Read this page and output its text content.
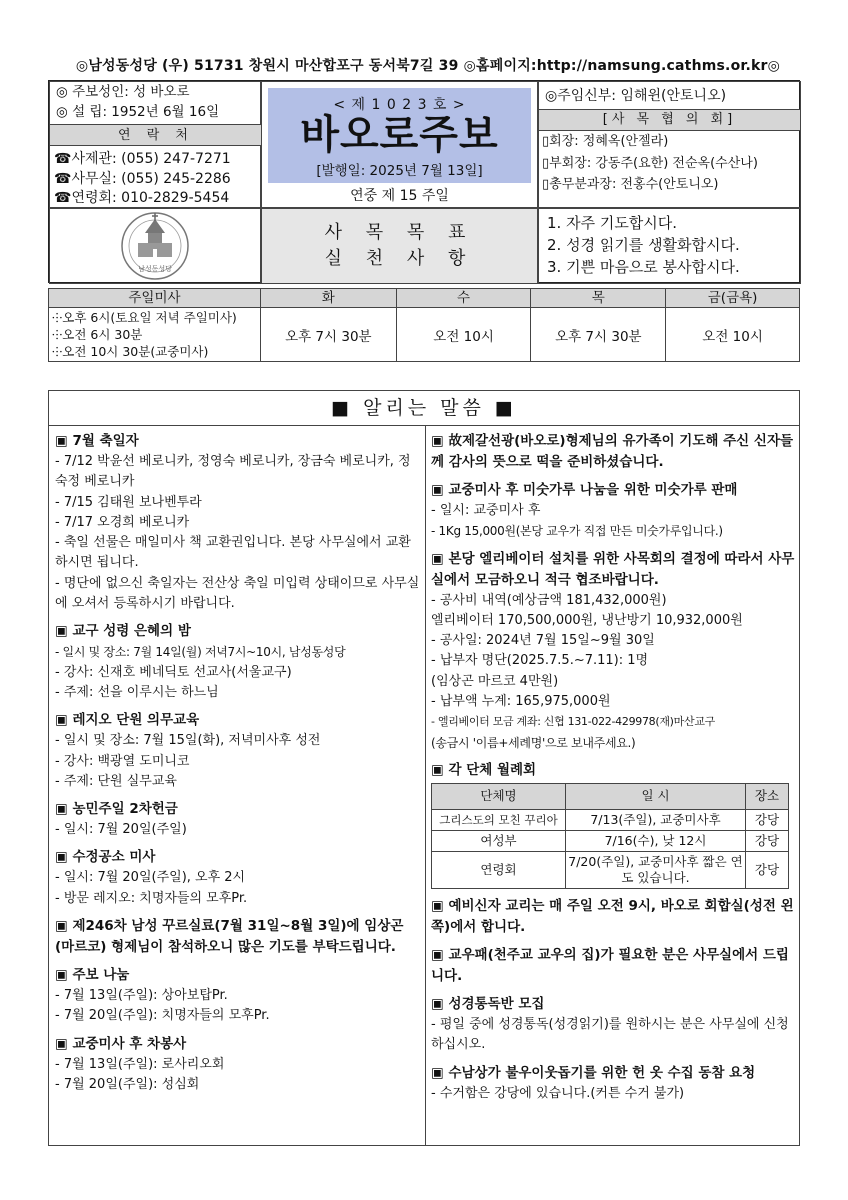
◎남성동성당 (우) 51731 창원시 마산합포구 동서북7길 39 ◎홈페이지:http://namsung.cathms.or.kr◎
◎ 주보성인: 성 바오로
◎ 설 립: 1952년 6월 16일
연 락 처
☎사제관: (055) 247-7271
☎사무실: (055) 245-2286
☎연령회: 010-2829-5454
< 제 1 0 2 3 호 >
바오로주보
[발행일: 2025년 7월 13일]
연중 제 15 주일
◎주임신부: 임해윈(안토니오)
[사 목 협 의 회]
▯회장: 정혜옥(안젤라)
▯부회장: 강동주(요한) 전순옥(수산나)
▯총무분과장: 전홍수(안토니오)
남성동성당
사 목 목 표
실 천 사 항
1. 자주 기도합시다.
2. 성경 읽기를 생활화합시다.
3. 기쁜 마음으로 봉사합시다.
주일미사	화	수	목	금(금욕)

⸭오후 6시(토요일 저녁 주일미사)
⸭오전 6시 30분
⸭오전 10시 30분(교중미사)	오후 7시 30분	오전 10시	오후 7시 30분	오전 10시
■ 알리는 말씀 ■
▣ 7월 축일자

- 7/12 박윤선 베로니카, 정영숙 베로니카, 장금숙 베로니카, 정숙정 베로니카

- 7/15 김태원 보나벤투라

- 7/17 오경희 베로니카

- 축일 선물은 매일미사 책 교환권입니다. 본당 사무실에서 교환하시면 됩니다.

- 명단에 없으신 축일자는 전산상 축일 미입력 상태이므로 사무실에 오셔서 등록하시기 바랍니다.

▣ 교구 성령 은혜의 밤

- 일시 및 장소: 7월 14일(월) 저녁7시~10시, 남성동성당

- 강사: 신재호 베네딕토 선교사(서울교구)

- 주제: 선을 이루시는 하느님

▣ 레지오 단원 의무교육

- 일시 및 장소: 7월 15일(화), 저녁미사후 성전

- 강사: 백광열 도미니코

- 주제: 단원 실무교육

▣ 농민주일 2차헌금

- 일시: 7월 20일(주일)

▣ 수정공소 미사

- 일시: 7월 20일(주일), 오후 2시

- 방문 레지오: 치명자들의 모후Pr.

▣ 제246차 남성 꾸르실료(7월 31일~8월 3일)에 임상곤(마르코) 형제님이 참석하오니 많은 기도를 부탁드립니다.
▣ 주보 나눔

- 7월 13일(주일): 상아보탑Pr.

- 7월 20일(주일): 치명자들의 모후Pr.

▣ 교중미사 후 차봉사

- 7월 13일(주일): 로사리오회

- 7월 20일(주일): 성심회

▣ 故제갈선광(바오로)형제님의 유가족이 기도해 주신 신자들께 감사의 뜻으로 떡을 준비하셨습니다.
▣ 교중미사 후 미숫가루 나눔을 위한 미숫가루 판매

- 일시: 교중미사 후

- 1Kg 15,000원(본당 교우가 직접 만든 미숫가루입니다.)

▣ 본당 엘리베이터 설치를 위한 사목회의 결정에 따라서 사무실에서 모금하오니 적극 협조바랍니다.

- 공사비 내역(예상금액 181,432,000원)

엘리베이터 170,500,000원, 냉난방기 10,932,000원

- 공사일: 2024년 7월 15일~9월 30일

- 납부자 명단(2025.7.5.~7.11): 1명

(임상곤 마르코 4만원)

- 납부액 누계: 165,975,000원

- 엘리베이터 모금 계좌: 신협 131-022-429978(재)마산교구

(송금시 '이름+세례명'으로 보내주세요.)

▣ 각 단체 월례회
단체명	일 시	장소
그리스도의 모친 꾸리아	7/13(주일), 교중미사후	강당
여성부	7/16(수), 낮 12시	강당
연령회	7/20(주일), 교중미사후 짧은 연도 있습니다.	강당
▣ 예비신자 교리는 매 주일 오전 9시, 바오로 회합실(성전 왼쪽)에서 합니다.
▣ 교우패(천주교 교우의 집)가 필요한 분은 사무실에서 드립니다.
▣ 성경통독반 모집

- 평일 중에 성경통독(성경읽기)를 원하시는 분은 사무실에 신청하십시오.

▣ 수남상가 불우이웃돕기를 위한 헌 옷 수집 동참 요청

- 수거함은 강당에 있습니다.(커튼 수거 불가)
